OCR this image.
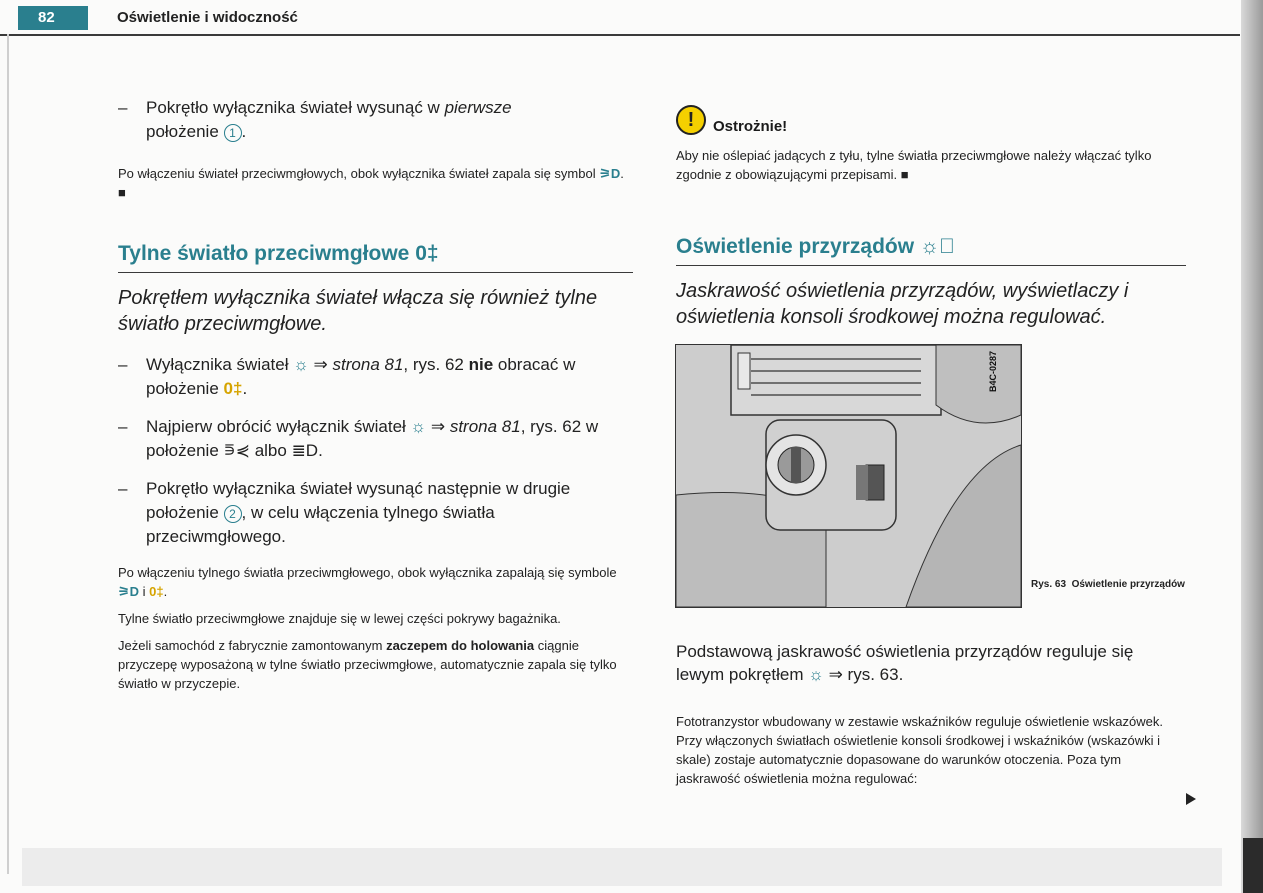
82	Oświetlenie i widoczność
– Pokrętło wyłącznika świateł wysunąć w pierwsze
położenie 1 .
Po włączeniu świateł przeciwmgłowych, obok wyłącznika świateł zapala się symbol ⚞D. ■
Tylne światło przeciwmgłowe 0‡
Pokrętłem wyłącznika świateł włącza się również tylne światło przeciwmgłowe.
– Wyłącznika świateł ☼ ⇒ strona 81, rys. 62 nie obracać w położenie 0‡.
– Najpierw obrócić wyłącznik świateł ☼ ⇒ strona 81, rys. 62 w położenie ⋾⋞ albo ≣D.
– Pokrętło wyłącznika świateł wysunąć następnie w drugie położenie 2 , w celu włączenia tylnego światła przeciwmgłowego.
Po włączeniu tylnego światła przeciwmgłowego, obok wyłącznika zapalają się symbole ⚞D i 0‡.
Tylne światło przeciwmgłowe znajduje się w lewej części pokrywy bagażnika.
Jeżeli samochód z fabrycznie zamontowanym zaczepem do holowania ciągnie przyczepę wyposażoną w tylne światło przeciwmgłowe, automatycznie zapala się tylko światło w przyczepie.
!	Ostrożnie!
Aby nie oślepiać jadących z tyłu, tylne światła przeciwmgłowe należy włączać tylko zgodnie z obowiązującymi przepisami. ■
Oświetlenie przyrządów ☼⃝
Jaskrawość oświetlenia przyrządów, wyświetlaczy i oświetlenia konsoli środkowej można regulować.
B4C-0287
Rys. 63 Oświetlenie przyrządów
Podstawową jaskrawość oświetlenia przyrządów reguluje się lewym pokrętłem ☼ ⇒ rys. 63.
Fototranzystor wbudowany w zestawie wskaźników reguluje oświetlenie wskazówek. Przy włączonych światłach oświetlenie konsoli środkowej i wskaźników (wskazówki i skale) zostaje automatycznie dopasowane do warunków otoczenia. Poza tym jaskrawość oświetlenia można regulować:
